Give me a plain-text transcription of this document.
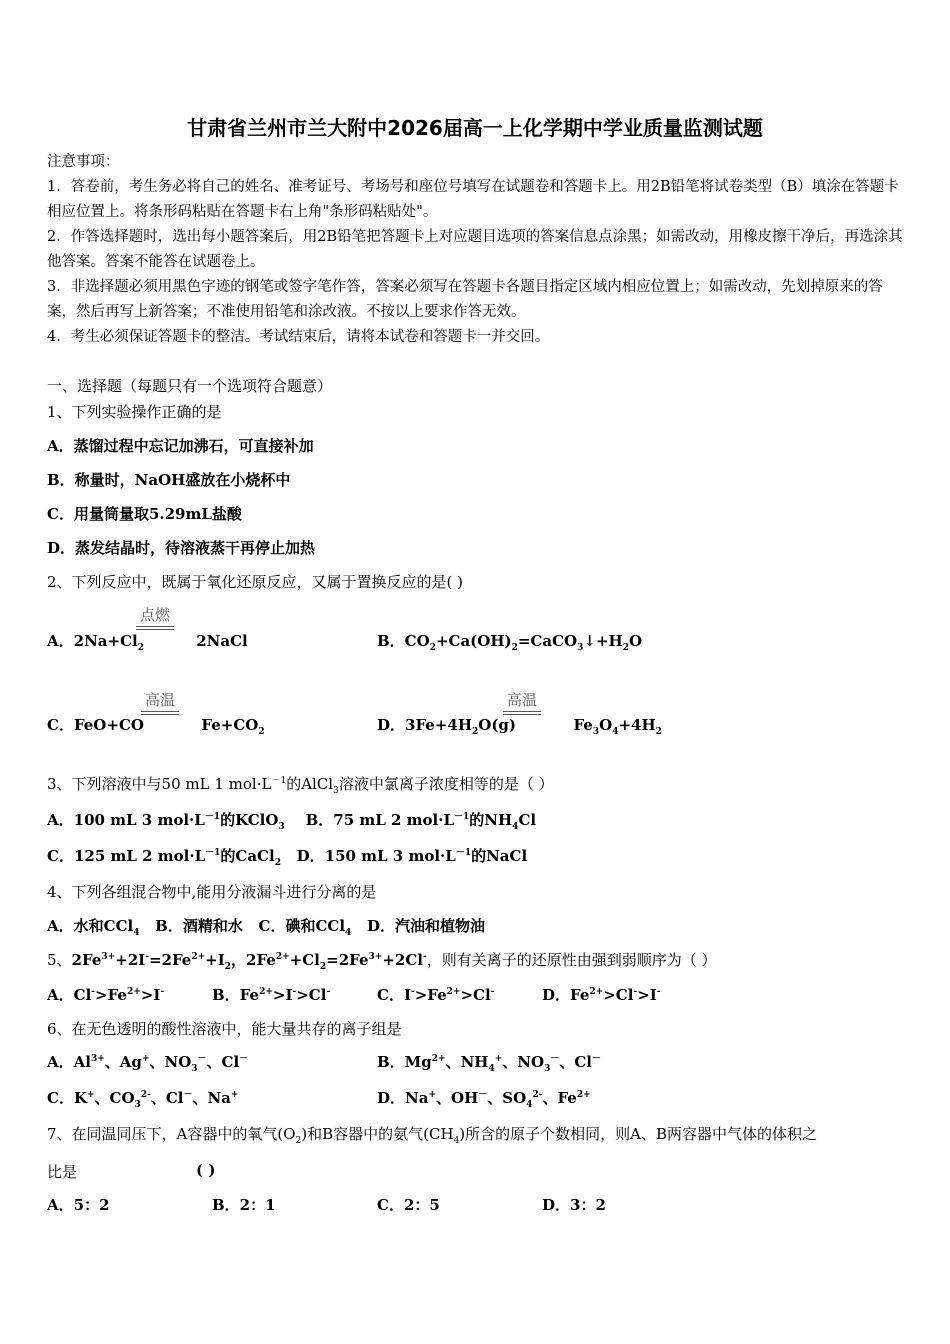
甘肃省兰州市兰大附中2026届高一上化学期中学业质量监测试题

注意事项：

1．答卷前，考生务必将自己的姓名、准考证号、考场号和座位号填写在试题卷和答题卡上。用2B铅笔将试卷类型（B）填涂在答题卡相应位置上。将条形码粘贴在答题卡右上角"条形码粘贴处"。

2．作答选择题时，选出每小题答案后，用2B铅笔把答题卡上对应题目选项的答案信息点涂黑；如需改动，用橡皮擦干净后，再选涂其他答案。答案不能答在试题卷上。

3．非选择题必须用黑色字迹的钢笔或签字笔作答，答案必须写在答题卡各题目指定区域内相应位置上；如需改动，先划掉原来的答案，然后再写上新答案；不准使用铅笔和涂改液。不按以上要求作答无效。

4．考生必须保证答题卡的整洁。考试结束后，请将本试卷和答题卡一并交回。

一、选择题（每题只有一个选项符合题意）
1、下列实验操作正确的是
A．蒸馏过程中忘记加沸石，可直接补加
B．称量时，NaOH盛放在小烧杯中
C．用量筒量取5.29mL盐酸
D．蒸发结晶时，待溶液蒸干再停止加热
2、下列反应中，既属于氧化还原反应，又属于置换反应的是( )
点燃
A．$2Na+Cl_2$          2NaCl	B．$CO_2+Ca(OH)_2=CaCO_3↓+H_2O$
高温
C．FeO+CO           $Fe+CO_2$
高温
D．$3Fe+4H_2O(g)$           $Fe_3O_4+4H_2$
3、下列溶液中与50 mL 1 $mol\cdot L^{-1}$的AlCl$_3$溶液中氯离子浓度相等的是（ ）
A．100 mL 3 $mol\cdot L^{-1}$的KClO$_3$    B．75 mL 2 $mol\cdot L^{-1}$的$NH_4Cl$
C．125 mL 2 $mol\cdot L^{-1}$的CaCl$_2$   D．150 mL 3 $mol\cdot L^{-1}$的NaCl
4、下列各组混合物中,能用分液漏斗进行分离的是
A．水和CCl$_4$ B．酒精和水 C．碘和CCl$_4$ D．汽油和植物油
5、$2Fe^{3+}+2I^-=2Fe^{2+}+I_2$，$2Fe^{2+}+Cl_2=2Fe^{3+}+2Cl^-$，则有关离子的还原性由强到弱顺序为（ ）
A．$Cl^->Fe^{2+}>I^-$	B．$Fe^{2+}>I^->Cl^-$	C．$I^->Fe^{2+}>Cl^-$	D．$Fe^{2+}>Cl^->I^-$
6、在无色透明的酸性溶液中，能大量共存的离子组是
A．$Al^{3+}$、Ag+、$NO_3^-$、Cl－	B．$Mg^{2+}$、$NH_4^+$、$NO_3^-$、Cl－
C．K+、$CO_3^{2-}$、Cl－、Na+	D．Na+、OH－、$SO_4^{2-}$、$Fe^{2+}$
7、在同温同压下，A容器中的氧气$(O_2)$和B容器中的氨气$(CH_4)$所含的原子个数相同，则A、B两容器中气体的体积之
比是	( )
A．5：2	B．2：1	C．2：5	D．3：2
